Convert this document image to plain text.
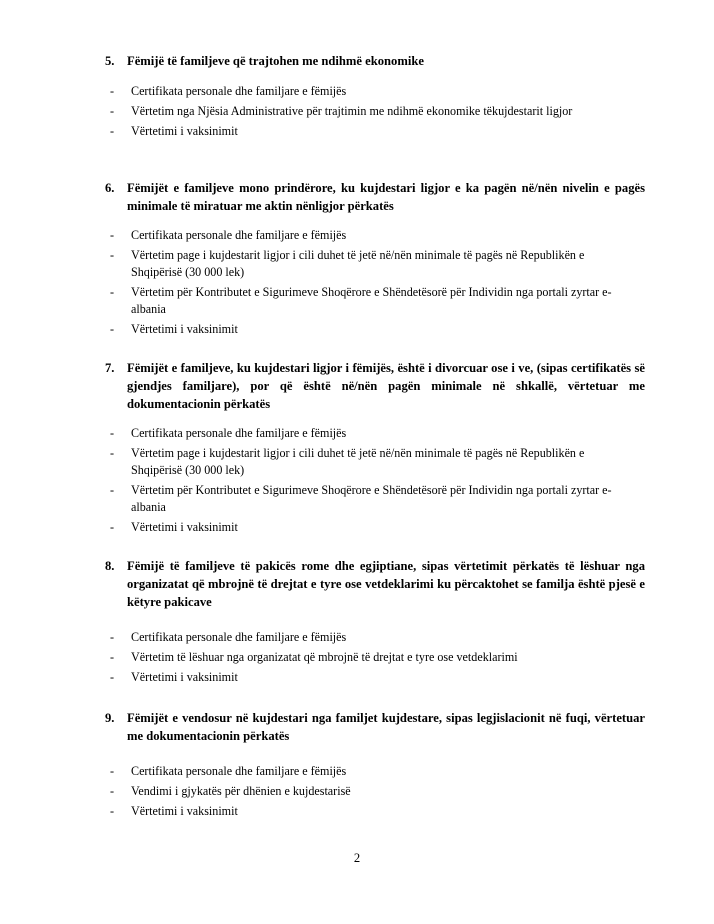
5. Fëmijë të familjeve që trajtohen me ndihmë ekonomike
- Certifikata personale dhe familjare e fëmijës
- Vërtetim nga Njësia Administrative për trajtimin me ndihmë ekonomike tëkujdestarit ligjor
- Vërtetimi i vaksinimit
6. Fëmijët e familjeve mono prindërore, ku kujdestari ligjor e ka pagën në/nën nivelin e pagës minimale të miratuar me aktin nënligjor përkatës
- Certifikata personale dhe familjare e fëmijës
- Vërtetim page i kujdestarit ligjor i cili duhet të jetë në/nën minimale të pagës në Republikën e Shqipërisë (30 000 lek)
- Vërtetim për Kontributet e Sigurimeve Shoqërore e Shëndetësorë për Individin nga portali zyrtar e-albania
- Vërtetimi i vaksinimit
7. Fëmijët e familjeve, ku kujdestari ligjor i fëmijës, është i divorcuar ose i ve, (sipas certifikatës së gjendjes familjare), por që është në/nën pagën minimale në shkallë, vërtetuar me dokumentacionin përkatës
- Certifikata personale dhe familjare e fëmijës
- Vërtetim page i kujdestarit ligjor i cili duhet të jetë në/nën minimale të pagës në Republikën e Shqipërisë (30 000 lek)
- Vërtetim për Kontributet e Sigurimeve Shoqërore e Shëndetësorë për Individin nga portali zyrtar e-albania
- Vërtetimi i vaksinimit
8. Fëmijë të familjeve të pakicës rome dhe egjiptiane, sipas vërtetimit përkatës të lëshuar nga organizatat që mbrojnë të drejtat e tyre ose vetdeklarimi ku përcaktohet se familja është pjesë e këtyre pakicave
- Certifikata personale dhe familjare e fëmijës
- Vërtetim të lëshuar nga organizatat që mbrojnë të drejtat e tyre ose vetdeklarimi
- Vërtetimi i vaksinimit
9. Fëmijët e vendosur në kujdestari nga familjet kujdestare, sipas legjislacionit në fuqi, vërtetuar me dokumentacionin përkatës
- Certifikata personale dhe familjare e fëmijës
- Vendimi i gjykatës për dhënien e kujdestarisë
- Vërtetimi i vaksinimit
2
